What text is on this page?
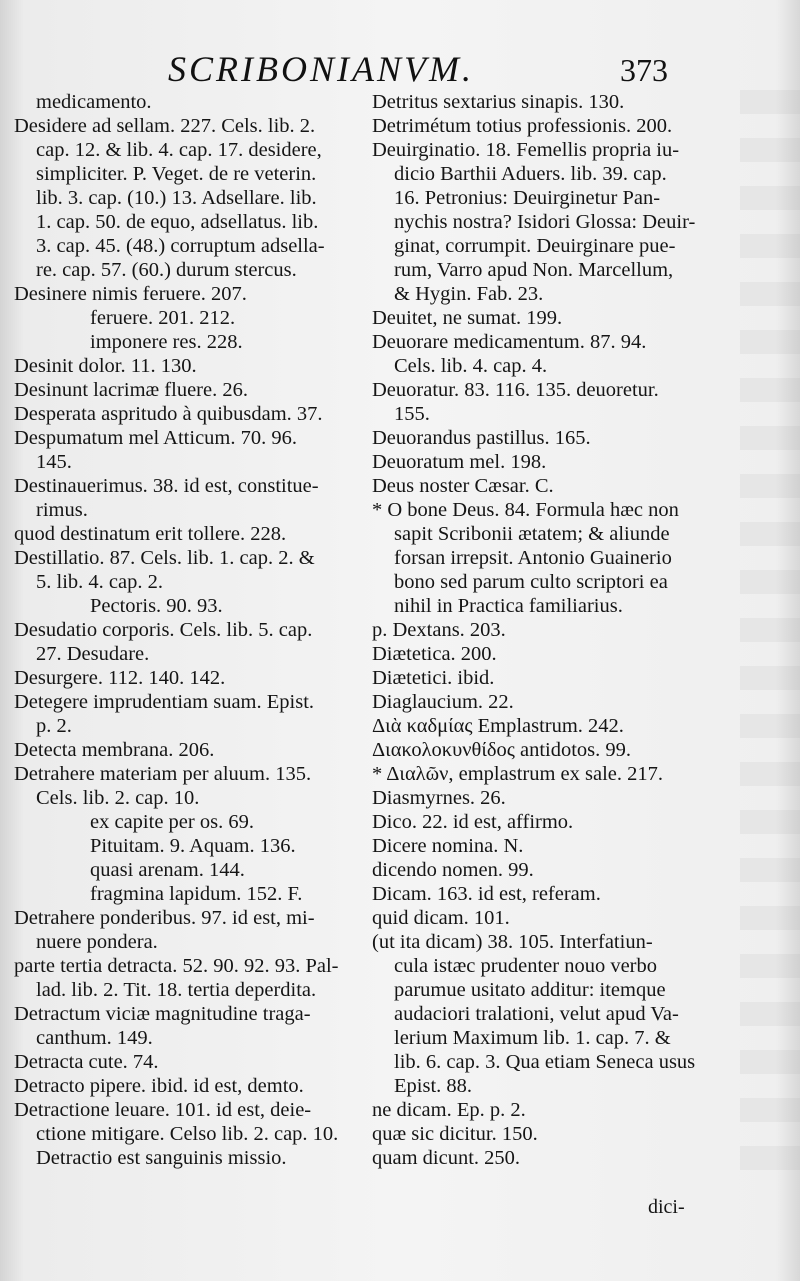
SCRIBONIANVM.	373
medicamento.
Desidere ad sellam. 227. Cels. lib. 2.
cap. 12. & lib. 4. cap. 17. desidere,
simpliciter. P. Veget. de re veterin.
lib. 3. cap. (10.) 13. Adsellare. lib.
1. cap. 50. de equo, adsellatus. lib.
3. cap. 45. (48.) corruptum adsella-
re. cap. 57. (60.) durum stercus.
Desinere nimis feruere. 207.
feruere. 201. 212.
imponere res. 228.
Desinit dolor. 11. 130.
Desinunt lacrimæ fluere. 26.
Desperata aspritudo à quibusdam. 37.
Despumatum mel Atticum. 70. 96.
145.
Destinauerimus. 38. id est, constitue-
rimus.
quod destinatum erit tollere. 228.
Destillatio. 87. Cels. lib. 1. cap. 2. &
5. lib. 4. cap. 2.
Pectoris. 90. 93.
Desudatio corporis. Cels. lib. 5. cap.
27. Desudare.
Desurgere. 112. 140. 142.
Detegere imprudentiam suam. Epist.
p. 2.
Detecta membrana. 206.
Detrahere materiam per aluum. 135.
Cels. lib. 2. cap. 10.
ex capite per os. 69.
Pituitam. 9. Aquam. 136.
quasi arenam. 144.
fragmina lapidum. 152. F.
Detrahere ponderibus. 97. id est, mi-
nuere pondera.
parte tertia detracta. 52. 90. 92. 93. Pal-
lad. lib. 2. Tit. 18. tertia deperdita.
Detractum viciæ magnitudine traga-
canthum. 149.
Detracta cute. 74.
Detracto pipere. ibid. id est, demto.
Detractione leuare. 101. id est, deie-
ctione mitigare. Celso lib. 2. cap. 10.
Detractio est sanguinis missio.
Detritus sextarius sinapis. 130.
Detrimétum totius professionis. 200.
Deuirginatio. 18. Femellis propria iu-
dicio Barthii Aduers. lib. 39. cap.
16. Petronius: Deuirginetur Pan-
nychis nostra? Isidori Glossa: Deuir-
ginat, corrumpit. Deuirginare pue-
rum, Varro apud Non. Marcellum,
& Hygin. Fab. 23.
Deuitet, ne sumat. 199.
Deuorare medicamentum. 87. 94.
Cels. lib. 4. cap. 4.
Deuoratur. 83. 116. 135. deuoretur.
155.
Deuorandus pastillus. 165.
Deuoratum mel. 198.
Deus noster Cæsar. C.
* O bone Deus. 84. Formula hæc non
sapit Scribonii ætatem; & aliunde
forsan irrepsit. Antonio Guainerio
bono sed parum culto scriptori ea
nihil in Practica familiarius.
p. Dextans. 203.
Diætetica. 200.
Diætetici. ibid.
Diaglaucium. 22.
Διὰ καδμίας Emplastrum. 242.
Διακολοκυνθίδος antidotos. 99.
* Διαλῶν, emplastrum ex sale. 217.
Diasmyrnes. 26.
Dico. 22. id est, affirmo.
Dicere nomina. N.
dicendo nomen. 99.
Dicam. 163. id est, referam.
quid dicam. 101.
(ut ita dicam) 38. 105. Interfatiun-
cula istæc prudenter nouo verbo
parumue usitato additur: itemque
audaciori tralationi, velut apud Va-
lerium Maximum lib. 1. cap. 7. &
lib. 6. cap. 3. Qua etiam Seneca usus
Epist. 88.
ne dicam. Ep. p. 2.
quæ sic dicitur. 150.
quam dicunt. 250.
dici-
